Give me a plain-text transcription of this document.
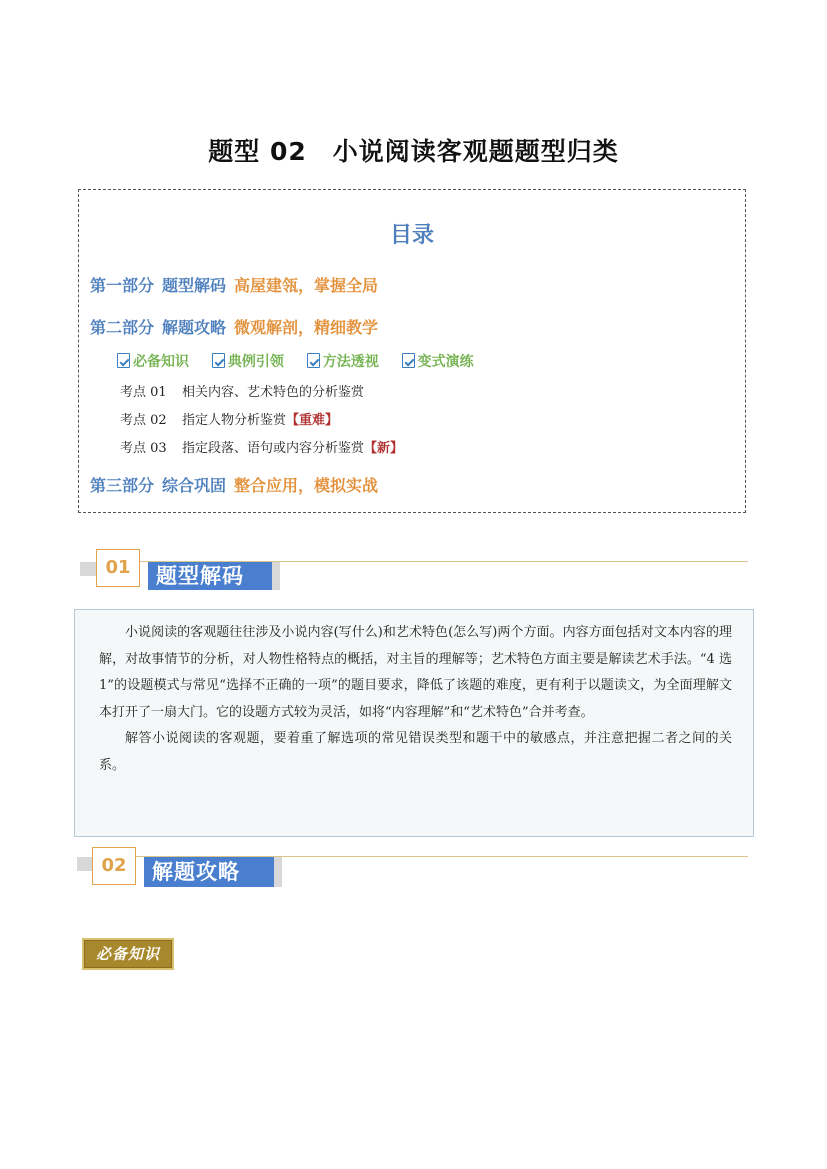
题型 02　小说阅读客观题题型归类
目录
第一部分 题型解码 高屋建瓴，掌握全局
第二部分 解题攻略 微观解剖，精细教学
必备知识	典例引领	方法透视	变式演练
考点 01 相关内容、艺术特色的分析鉴赏
考点 02 指定人物分析鉴赏【重难】
考点 03 指定段落、语句或内容分析鉴赏【新】
第三部分 综合巩固 整合应用，模拟实战
题型解码
01

小说阅读的客观题往往涉及小说内容(写什么)和艺术特色(怎么写)两个方面。内容方面包括对文本内容的理解，对故事情节的分析，对人物性格特点的概括，对主旨的理解等；艺术特色方面主要是解读艺术手法。“4 选 1”的设题模式与常见“选择不正确的一项”的题目要求，降低了该题的难度，更有利于以题读文，为全面理解文本打开了一扇大门。它的设题方式较为灵活，如将“内容理解”和“艺术特色”合并考查。

解答小说阅读的客观题，要着重了解选项的常见错误类型和题干中的敏感点，并注意把握二者之间的关系。

解题攻略
02
必备知识
